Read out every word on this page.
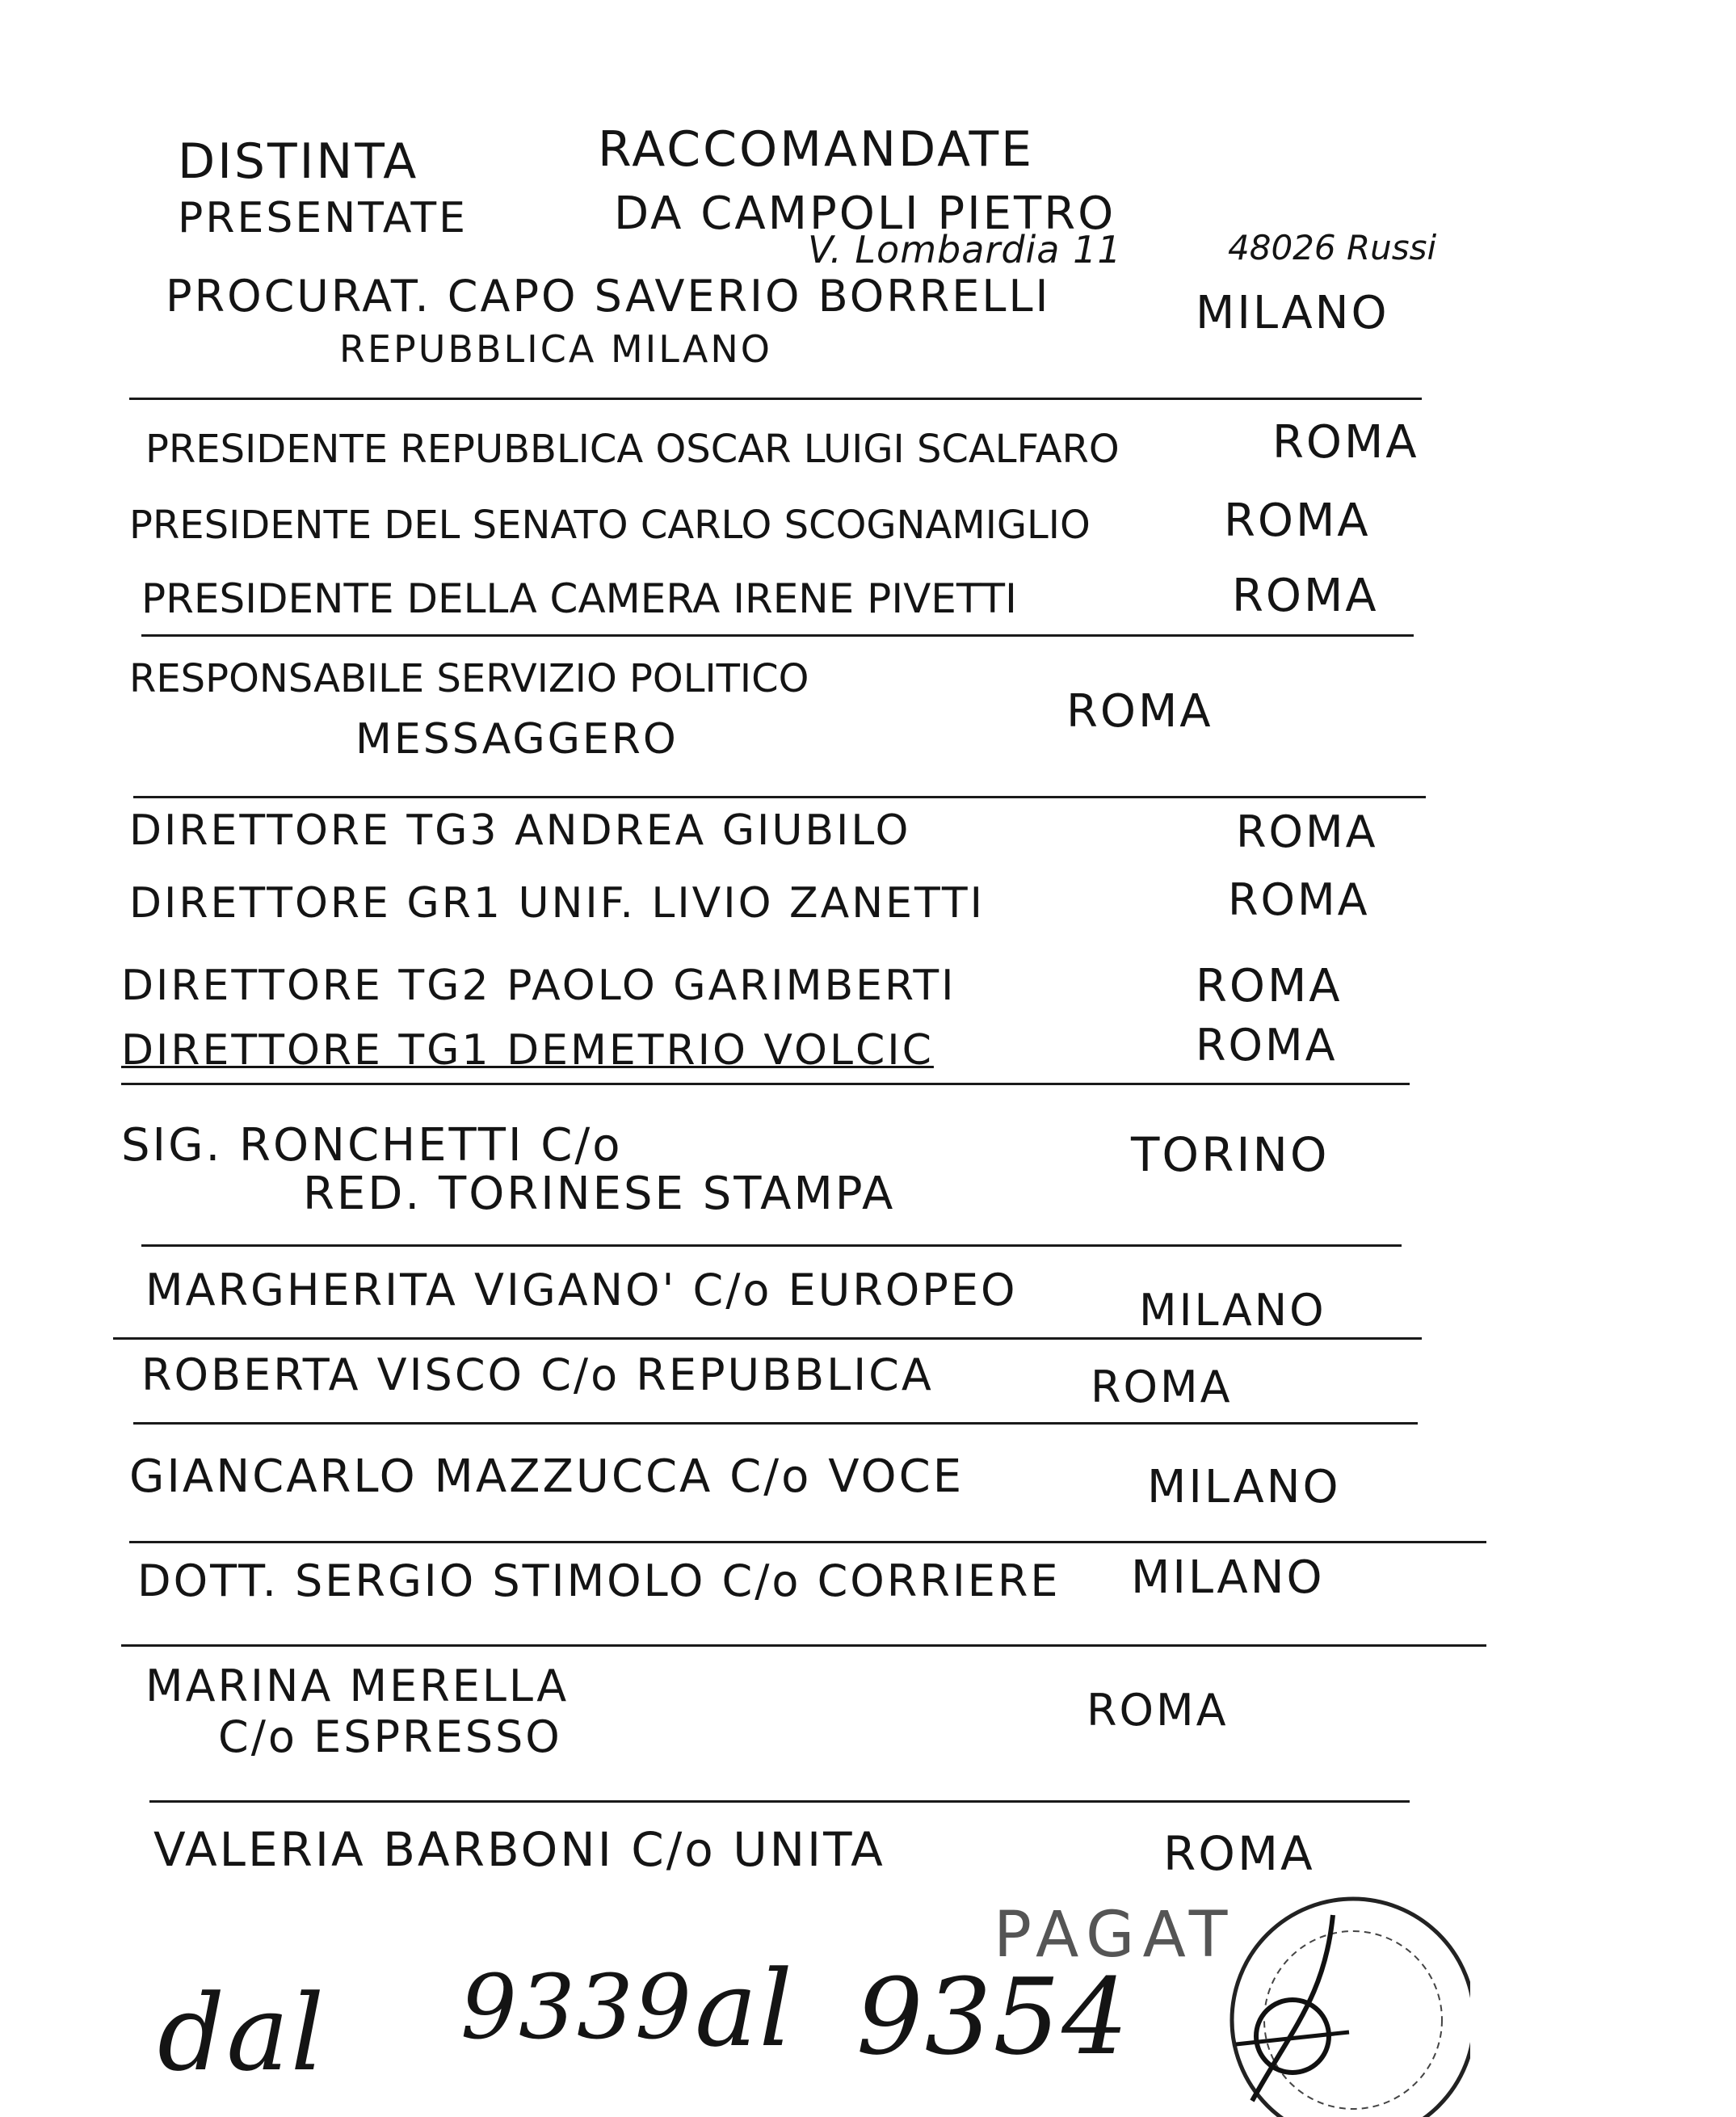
DISTINTA	RACCOMANDATE
PRESENTATE	DA CAMPOLI PIETRO
V. Lombardia 11	48026 Russi
PROCURAT. CAPO SAVERIO BORRELLI
REPUBBLICA MILANO
MILANO
PRESIDENTE REPUBBLICA OSCAR LUIGI SCALFARO	ROMA
PRESIDENTE DEL SENATO CARLO SCOGNAMIGLIO	ROMA
PRESIDENTE DELLA CAMERA IRENE PIVETTI	ROMA
RESPONSABILE SERVIZIO POLITICO
MESSAGGERO
ROMA
DIRETTORE TG3 ANDREA GIUBILO	ROMA
DIRETTORE GR1 UNIF. LIVIO ZANETTI	ROMA
DIRETTORE TG2 PAOLO GARIMBERTI	ROMA
DIRETTORE TG1 DEMETRIO VOLCIC	ROMA
SIG. RONCHETTI C/o
RED. TORINESE STAMPA
TORINO
MARGHERITA VIGANO' C/o EUROPEO	MILANO
ROBERTA VISCO C/o REPUBBLICA	ROMA
GIANCARLO MAZZUCCA C/o VOCE	MILANO
DOTT. SERGIO STIMOLO C/o CORRIERE MILANO
MARINA MERELLA
C/o ESPRESSO
ROMA
VALERIA BARBONI C/o UNITA	ROMA
dal 9339 al 9354
PAGAT
